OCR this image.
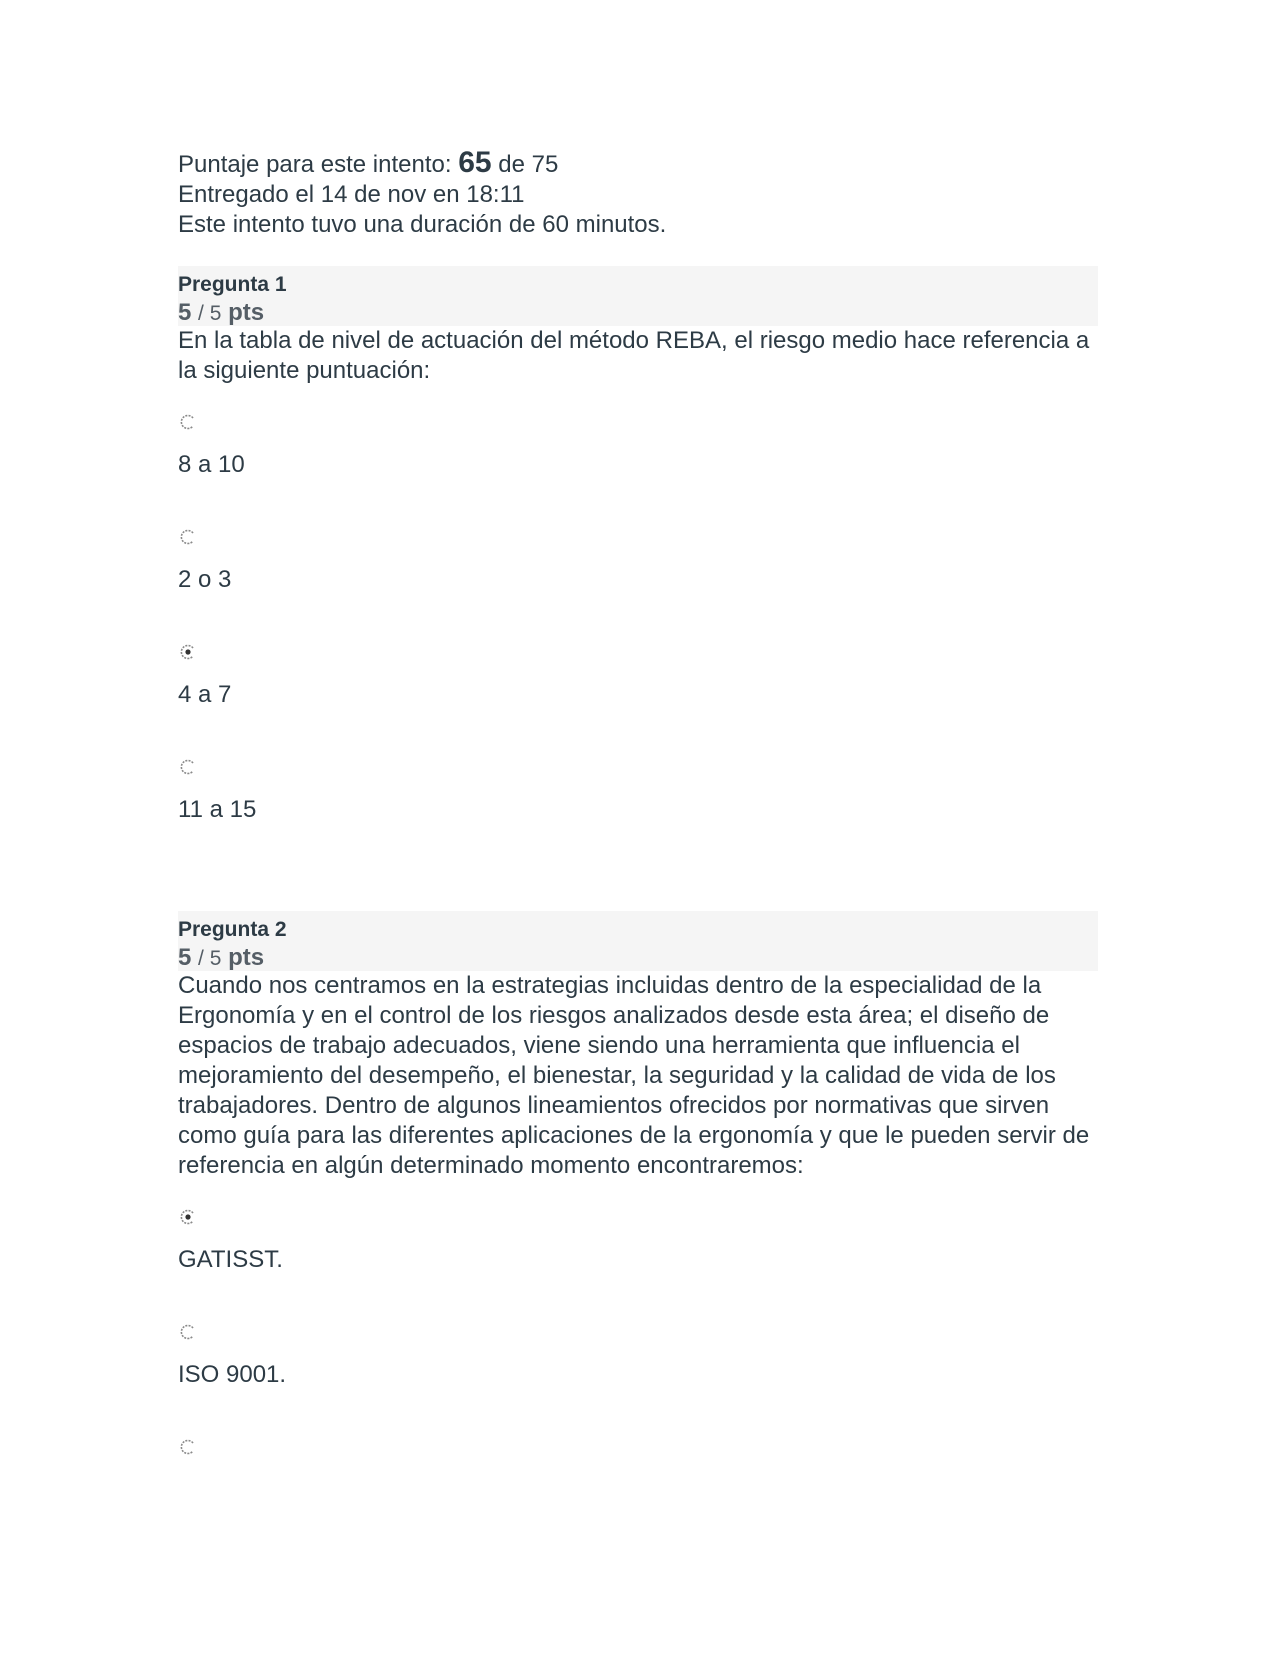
Puntaje para este intento: 65 de 75

Entregado el 14 de nov en 18:11

Este intento tuvo una duración de 60 minutos.

Pregunta 1

5 / 5 pts

En la tabla de nivel de actuación del método REBA, el riesgo medio hace referencia a la siguiente puntuación:

8 a 10
2 o 3
4 a 7
11 a 15

Pregunta 2

5 / 5 pts

Cuando nos centramos en la estrategias incluidas dentro de la especialidad de la Ergonomía y en el control de los riesgos analizados desde esta área; el diseño de espacios de trabajo adecuados, viene siendo una herramienta que influencia el mejoramiento del desempeño, el bienestar, la seguridad y la calidad de vida de los trabajadores. Dentro de algunos lineamientos ofrecidos por normativas que sirven como guía para las diferentes aplicaciones de la ergonomía y que le pueden servir de referencia en algún determinado momento encontraremos:

GATISST.
ISO 9001.
